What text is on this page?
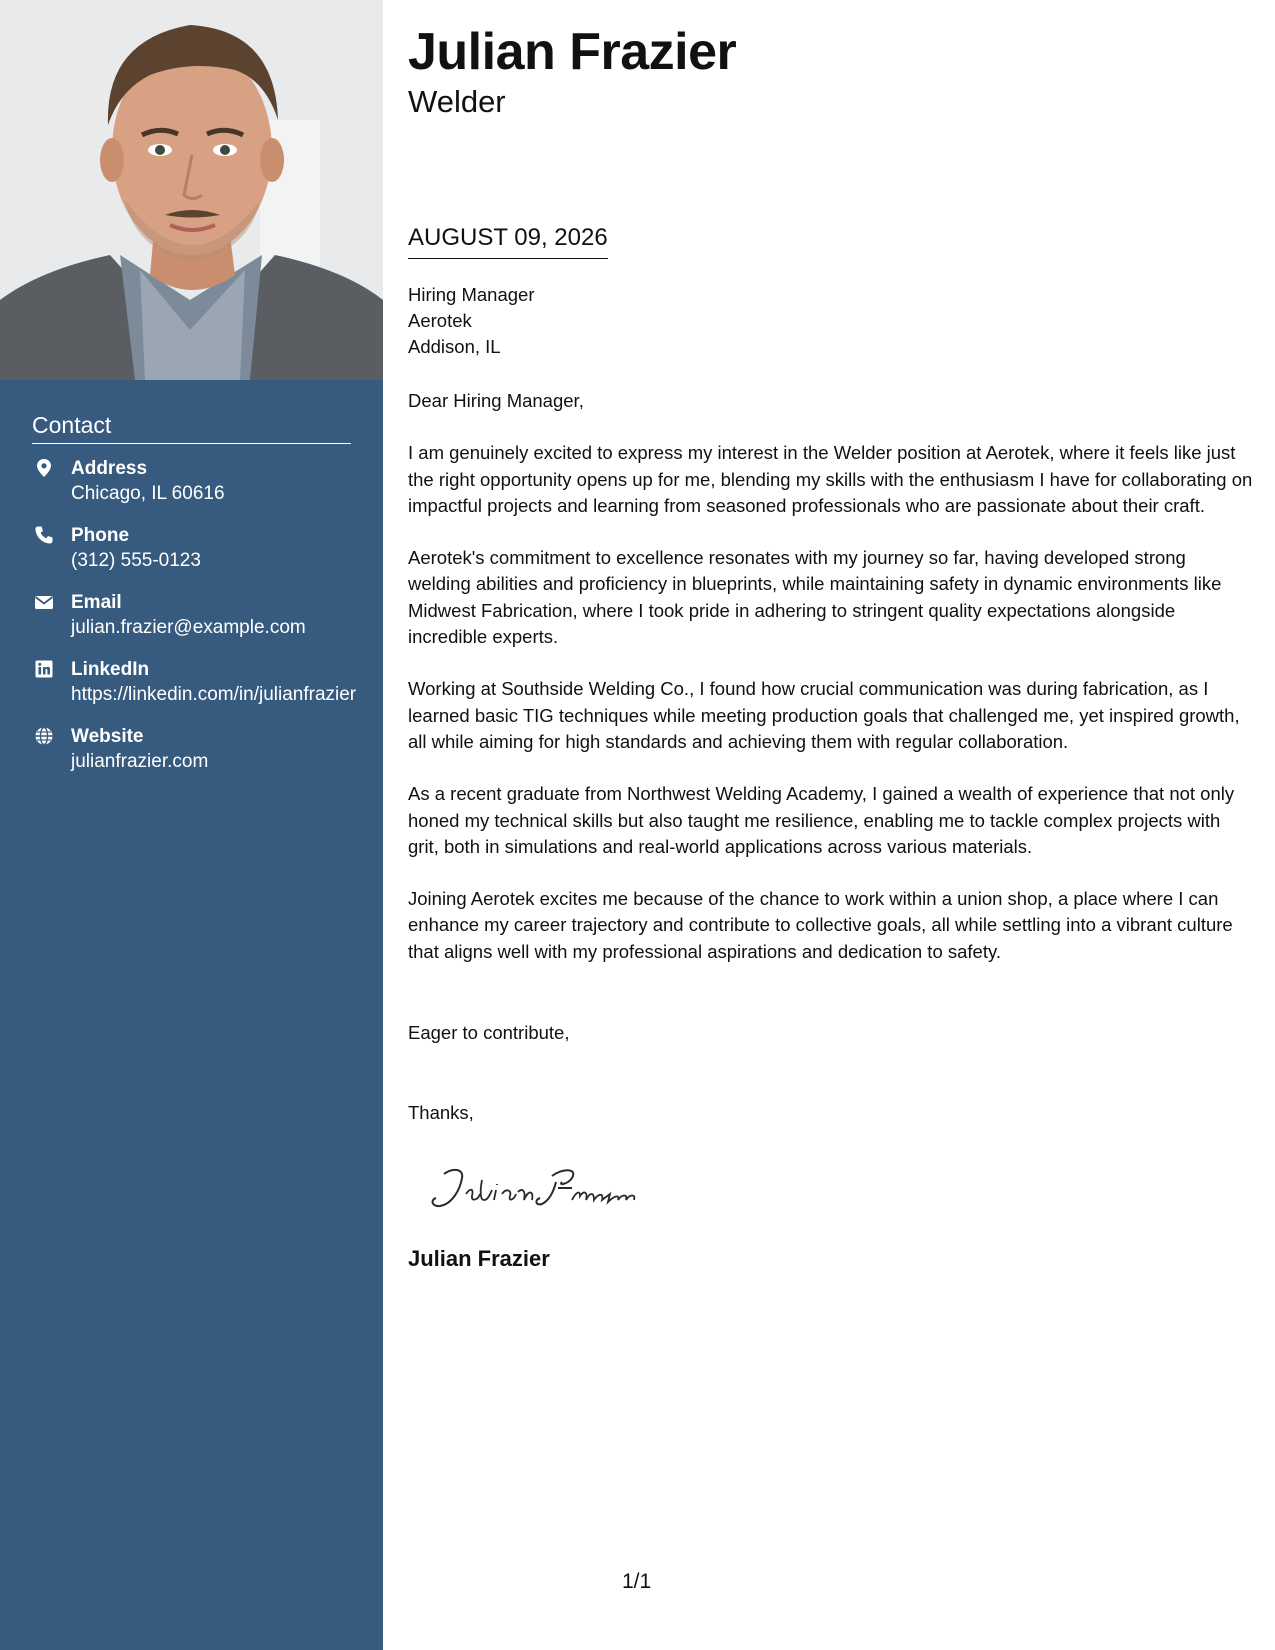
Contact
Address
Chicago, IL 60616
Phone
(312) 555-0123
Email
julian.frazier@example.com
LinkedIn
https://linkedin.com/in/julianfrazier
Website
julianfrazier.com
Julian Frazier
Welder
AUGUST 09, 2026
Hiring Manager
Aerotek
Addison, IL

Dear Hiring Manager,

I am genuinely excited to express my interest in the Welder position at Aerotek, where it feels like just the right opportunity opens up for me, blending my skills with the enthusiasm I have for collaborating on impactful projects and learning from seasoned professionals who are passionate about their craft.

Aerotek's commitment to excellence resonates with my journey so far, having developed strong welding abilities and proficiency in blueprints, while maintaining safety in dynamic environments like Midwest Fabrication, where I took pride in adhering to stringent quality expectations alongside incredible experts.

Working at Southside Welding Co., I found how crucial communication was during fabrication, as I learned basic TIG techniques while meeting production goals that challenged me, yet inspired growth, all while aiming for high standards and achieving them with regular collaboration.

As a recent graduate from Northwest Welding Academy, I gained a wealth of experience that not only honed my technical skills but also taught me resilience, enabling me to tackle complex projects with grit, both in simulations and real-world applications across various materials.

Joining Aerotek excites me because of the chance to work within a union shop, a place where I can enhance my career trajectory and contribute to collective goals, all while settling into a vibrant culture that aligns well with my professional aspirations and dedication to safety.

Eager to contribute,
Thanks,
Julian Frazier
1/1
